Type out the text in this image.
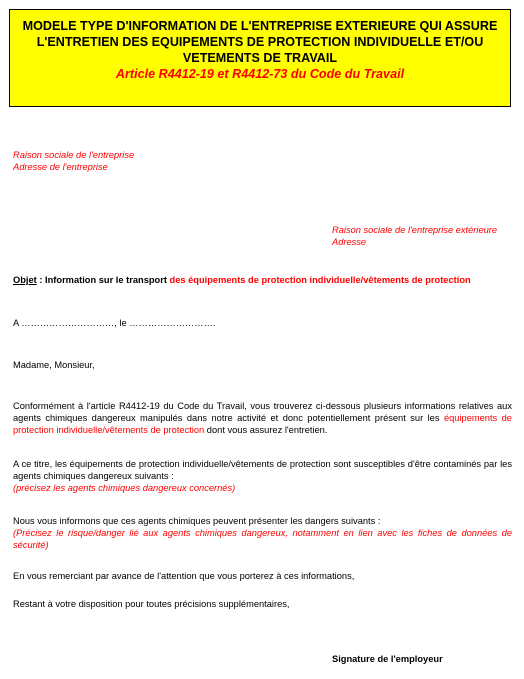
MODELE TYPE D'INFORMATION DE L'ENTREPRISE EXTERIEURE QUI ASSURE
L'ENTRETIEN DES EQUIPEMENTS DE PROTECTION INDIVIDUELLE ET/OU
VETEMENTS DE TRAVAIL
Article R4412-19 et R4412-73 du Code du Travail
Raison sociale de l'entreprise
Adresse de l'entreprise
Raison sociale de l'entreprise extérieure
Adresse
Objet : Information sur le transport des équipements de protection individuelle/vêtements de protection
A …………………………, le ……………………….
Madame, Monsieur,
Conformément à l'article R4412-19 du Code du Travail, vous trouverez ci-dessous plusieurs informations relatives aux agents chimiques dangereux manipulés dans notre activité et donc potentiellement présent sur les équipements de protection individuelle/vêtements de protection dont vous assurez l'entretien.
A ce titre, les équipements de protection individuelle/vêtements de protection sont susceptibles d'être contaminés par les agents chimiques dangereux suivants :
(précisez les agents chimiques dangereux concernés)
Nous vous informons que ces agents chimiques peuvent présenter les dangers suivants :
(Précisez le risque/danger lié aux agents chimiques dangereux, notamment en lien avec les fiches de données de sécurité)
En vous remerciant par avance de l'attention que vous porterez à ces informations,
Restant à votre disposition pour toutes précisions supplémentaires,
Signature de l'employeur
